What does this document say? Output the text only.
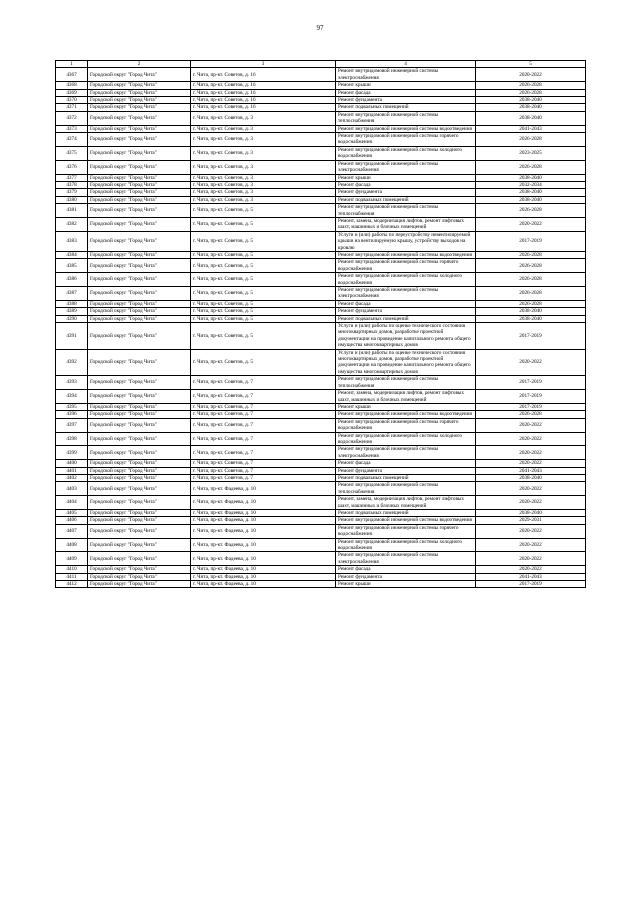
97
1	2	3	4	5
4367	Городской округ "Город Чита"	г. Чита, пр-кт. Советов, д. 16	Ремонт внутридомовой инженерной системы электроснабжения	2020-2022
4368	Городской округ "Город Чита"	г. Чита, пр-кт. Советов, д. 16	Ремонт крыши	2026-2028
4369	Городской округ "Город Чита"	г. Чита, пр-кт. Советов, д. 16	Ремонт фасада	2026-2028
4370	Городской округ "Город Чита"	г. Чита, пр-кт. Советов, д. 16	Ремонт фундамента	2038-2040
4371	Городской округ "Город Чита"	г. Чита, пр-кт. Советов, д. 16	Ремонт подвальных помещений	2038-2040
4372	Городской округ "Город Чита"	г. Чита, пр-кт. Советов, д. 3	Ремонт внутридомовой инженерной системы теплоснабжения	2038-2040
4373	Городской округ "Город Чита"	г. Чита, пр-кт. Советов, д. 3	Ремонт внутридомовой инженерной системы водоотведения	2041-2043
4374	Городской округ "Город Чита"	г. Чита, пр-кт. Советов, д. 3	Ремонт внутридомовой инженерной системы горячего водоснабжения	2026-2028
4375	Городской округ "Город Чита"	г. Чита, пр-кт. Советов, д. 3	Ремонт внутридомовой инженерной системы холодного водоснабжения	2023-2025
4376	Городской округ "Город Чита"	г. Чита, пр-кт. Советов, д. 3	Ремонт внутридомовой инженерной системы электроснабжения	2026-2028
4377	Городской округ "Город Чита"	г. Чита, пр-кт. Советов, д. 3	Ремонт крыши	2038-2040
4378	Городской округ "Город Чита"	г. Чита, пр-кт. Советов, д. 3	Ремонт фасада	2032-2034
4379	Городской округ "Город Чита"	г. Чита, пр-кт. Советов, д. 3	Ремонт фундамента	2038-2040
4380	Городской округ "Город Чита"	г. Чита, пр-кт. Советов, д. 3	Ремонт подвальных помещений	2038-2040
4381	Городской округ "Город Чита"	г. Чита, пр-кт. Советов, д. 5	Ремонт внутридомовой инженерной системы теплоснабжения	2026-2028
4382	Городской округ "Город Чита"	г. Чита, пр-кт. Советов, д. 5	Ремонт, замена, модернизация лифтов, ремонт лифтовых шахт, машинных и блочных помещений	2020-2022
4383	Городской округ "Город Чита"	г. Чита, пр-кт. Советов, д. 5	Услуги и (или) работы по переустройству невентилируемой крыши на вентилируемую крышу, устройству выходов на кровлю	2017-2019
4384	Городской округ "Город Чита"	г. Чита, пр-кт. Советов, д. 5	Ремонт внутридомовой инженерной системы водоотведения	2026-2028
4385	Городской округ "Город Чита"	г. Чита, пр-кт. Советов, д. 5	Ремонт внутридомовой инженерной системы горячего водоснабжения	2026-2028
4386	Городской округ "Город Чита"	г. Чита, пр-кт. Советов, д. 5	Ремонт внутридомовой инженерной системы холодного водоснабжения	2026-2028
4387	Городской округ "Город Чита"	г. Чита, пр-кт. Советов, д. 5	Ремонт внутридомовой инженерной системы электроснабжения	2026-2028
4388	Городской округ "Город Чита"	г. Чита, пр-кт. Советов, д. 5	Ремонт фасада	2026-2028
4389	Городской округ "Город Чита"	г. Чита, пр-кт. Советов, д. 5	Ремонт фундамента	2038-2040
4390	Городской округ "Город Чита"	г. Чита, пр-кт. Советов, д. 5	Ремонт подвальных помещений	2038-2040
4391	Городской округ "Город Чита"	г. Чита, пр-кт. Советов, д. 5	Услуги и (или) работы по оценке технического состояния многоквартирных домов, разработке проектной документации на проведение капитального ремонта общего имущества многоквартирных домов	2017-2019
4392	Городской округ "Город Чита"	г. Чита, пр-кт. Советов, д. 5	Услуги и (или) работы по оценке технического состояния многоквартирных домов, разработке проектной документации на проведение капитального ремонта общего имущества многоквартирных домов	2020-2022
4393	Городской округ "Город Чита"	г. Чита, пр-кт. Советов, д. 7	Ремонт внутридомовой инженерной системы теплоснабжения	2017-2019
4394	Городской округ "Город Чита"	г. Чита, пр-кт. Советов, д. 7	Ремонт, замена, модернизация лифтов, ремонт лифтовых шахт, машинных и блочных помещений	2017-2019
4395	Городской округ "Город Чита"	г. Чита, пр-кт. Советов, д. 7	Ремонт крыши	2017-2019
4396	Городской округ "Город Чита"	г. Чита, пр-кт. Советов, д. 7	Ремонт внутридомовой инженерной системы водоотведения	2026-2028
4397	Городской округ "Город Чита"	г. Чита, пр-кт. Советов, д. 7	Ремонт внутридомовой инженерной системы горячего водоснабжения	2020-2022
4398	Городской округ "Город Чита"	г. Чита, пр-кт. Советов, д. 7	Ремонт внутридомовой инженерной системы холодного водоснабжения	2020-2022
4399	Городской округ "Город Чита"	г. Чита, пр-кт. Советов, д. 7	Ремонт внутридомовой инженерной системы электроснабжения	2020-2022
4400	Городской округ "Город Чита"	г. Чита, пр-кт. Советов, д. 7	Ремонт фасада	2020-2022
4401	Городской округ "Город Чита"	г. Чита, пр-кт. Советов, д. 7	Ремонт фундамента	2041-2043
4402	Городской округ "Город Чита"	г. Чита, пр-кт. Советов, д. 7	Ремонт подвальных помещений	2038-2040
4403	Городской округ "Город Чита"	г. Чита, пр-кт. Фадеева, д. 10	Ремонт внутридомовой инженерной системы теплоснабжения	2020-2022
4404	Городской округ "Город Чита"	г. Чита, пр-кт. Фадеева, д. 10	Ремонт, замена, модернизация лифтов, ремонт лифтовых шахт, машинных и блочных помещений	2020-2022
4405	Городской округ "Город Чита"	г. Чита, пр-кт. Фадеева, д. 10	Ремонт подвальных помещений	2038-2040
4406	Городской округ "Город Чита"	г. Чита, пр-кт. Фадеева, д. 10	Ремонт внутридомовой инженерной системы водоотведения	2029-2031
4407	Городской округ "Город Чита"	г. Чита, пр-кт. Фадеева, д. 10	Ремонт внутридомовой инженерной системы горячего водоснабжения	2020-2022
4408	Городской округ "Город Чита"	г. Чита, пр-кт. Фадеева, д. 10	Ремонт внутридомовой инженерной системы холодного водоснабжения	2020-2022
4409	Городской округ "Город Чита"	г. Чита, пр-кт. Фадеева, д. 10	Ремонт внутридомовой инженерной системы электроснабжения	2020-2022
4410	Городской округ "Город Чита"	г. Чита, пр-кт. Фадеева, д. 10	Ремонт фасада	2020-2022
4411	Городской округ "Город Чита"	г. Чита, пр-кт. Фадеева, д. 10	Ремонт фундамента	2041-2043
4412	Городской округ "Город Чита"	г. Чита, пр-кт. Фадеева, д. 10	Ремонт крыши	2017-2019
